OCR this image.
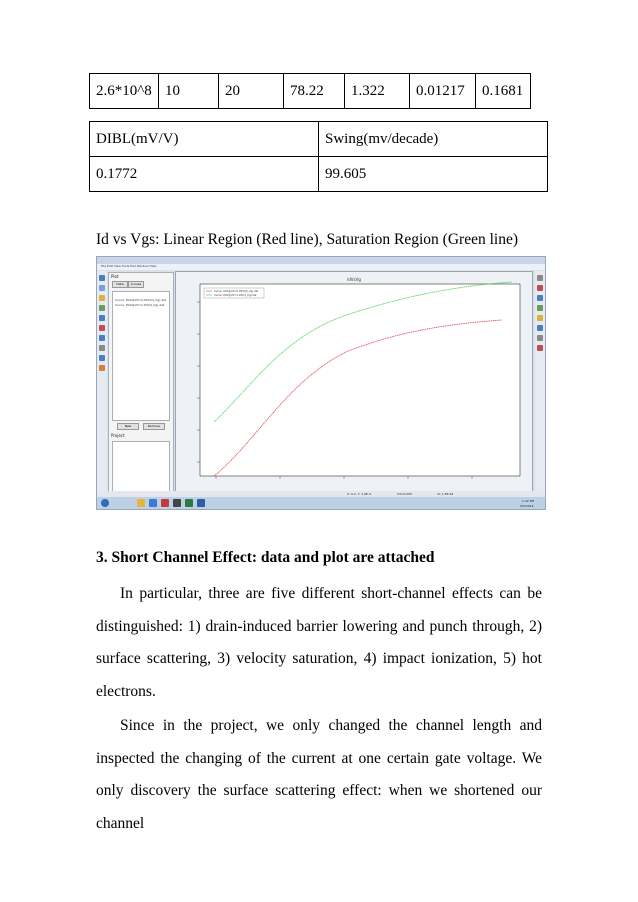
2.6*10^8	10	20	78.22	1.322	0.01217	0.1681
DIBL(mV/V)	Swing(mv/decade)
0.1772	99.605
Id vs Vgs: Linear Region (Red line), Saturation Region (Green line)
File Edit View Tools Plot Window Help
Plot
Data	Curves
Curve: Plot@Vd=0.05V(Id_Vg).dat
Curve: Plot@Vd=1.0V(Id_Vg).dat
New	Remove
Project
IdVsVg
Curve: Plot@Vd=0.05V(Id_Vg).dat
Curve: Plot@Vd=1.0V(Id_Vg).dat
X: 0.2, Y: 1.9E-4	Vd=0.05V	Id: 1.5E-04
1:42 PM
5/5/2014
3. Short Channel Effect: data and plot are attached
In particular, three are five different short-channel effects can be distinguished: 1) drain-induced barrier lowering and punch through, 2) surface scattering, 3) velocity saturation, 4) impact ionization, 5) hot electrons.
Since in the project, we only changed the channel length and inspected the changing of the current at one certain gate voltage. We only discovery the surface scattering effect: when we shortened our channel
